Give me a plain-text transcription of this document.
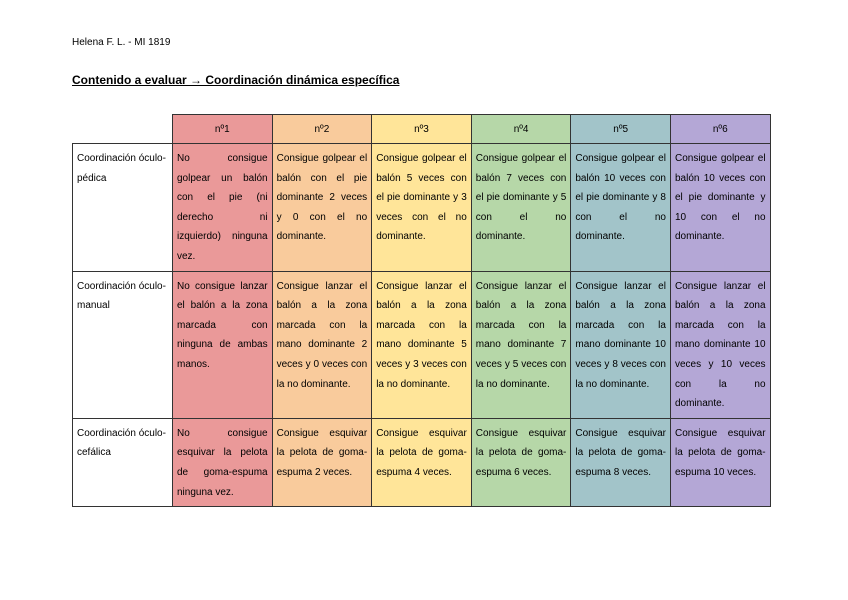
Helena F. L. - MI 1819
Contenido a evaluar → Coordinación dinámica específica
	nº1	nº2	nº3	nº4	nº5	nº6
Coordinación óculo-pédica	No consigue golpear un balón con el pie (ni derecho ni izquierdo) ninguna vez.	Consigue golpear el balón con el pie dominante 2 veces y 0 con el no dominante.	Consigue golpear el balón 5 veces con el pie dominante y 3 veces con el no dominante.	Consigue golpear el balón 7 veces con el pie dominante y 5 con el no dominante.	Consigue golpear el balón 10 veces con el pie dominante y 8 con el no dominante.	Consigue golpear el balón 10 veces con el pie dominante y 10 con el no dominante.
Coordinación óculo-manual	No consigue lanzar el balón a la zona marcada con ninguna de ambas manos.	Consigue lanzar el balón a la zona marcada con la mano dominante 2 veces y 0 veces con la no dominante.	Consigue lanzar el balón a la zona marcada con la mano dominante 5 veces y 3 veces con la no dominante.	Consigue lanzar el balón a la zona marcada con la mano dominante 7 veces y 5 veces con la no dominante.	Consigue lanzar el balón a la zona marcada con la mano dominante 10 veces y 8 veces con la no dominante.	Consigue lanzar el balón a la zona marcada con la mano dominante 10 veces y 10 veces con la no dominante.
Coordinación óculo-cefálica	No consigue esquivar la pelota de goma-espuma ninguna vez.	Consigue esquivar la pelota de goma-espuma 2 veces.	Consigue esquivar la pelota de goma-espuma 4 veces.	Consigue esquivar la pelota de goma-espuma 6 veces.	Consigue esquivar la pelota de goma-espuma 8 veces.	Consigue esquivar la pelota de goma-espuma 10 veces.
